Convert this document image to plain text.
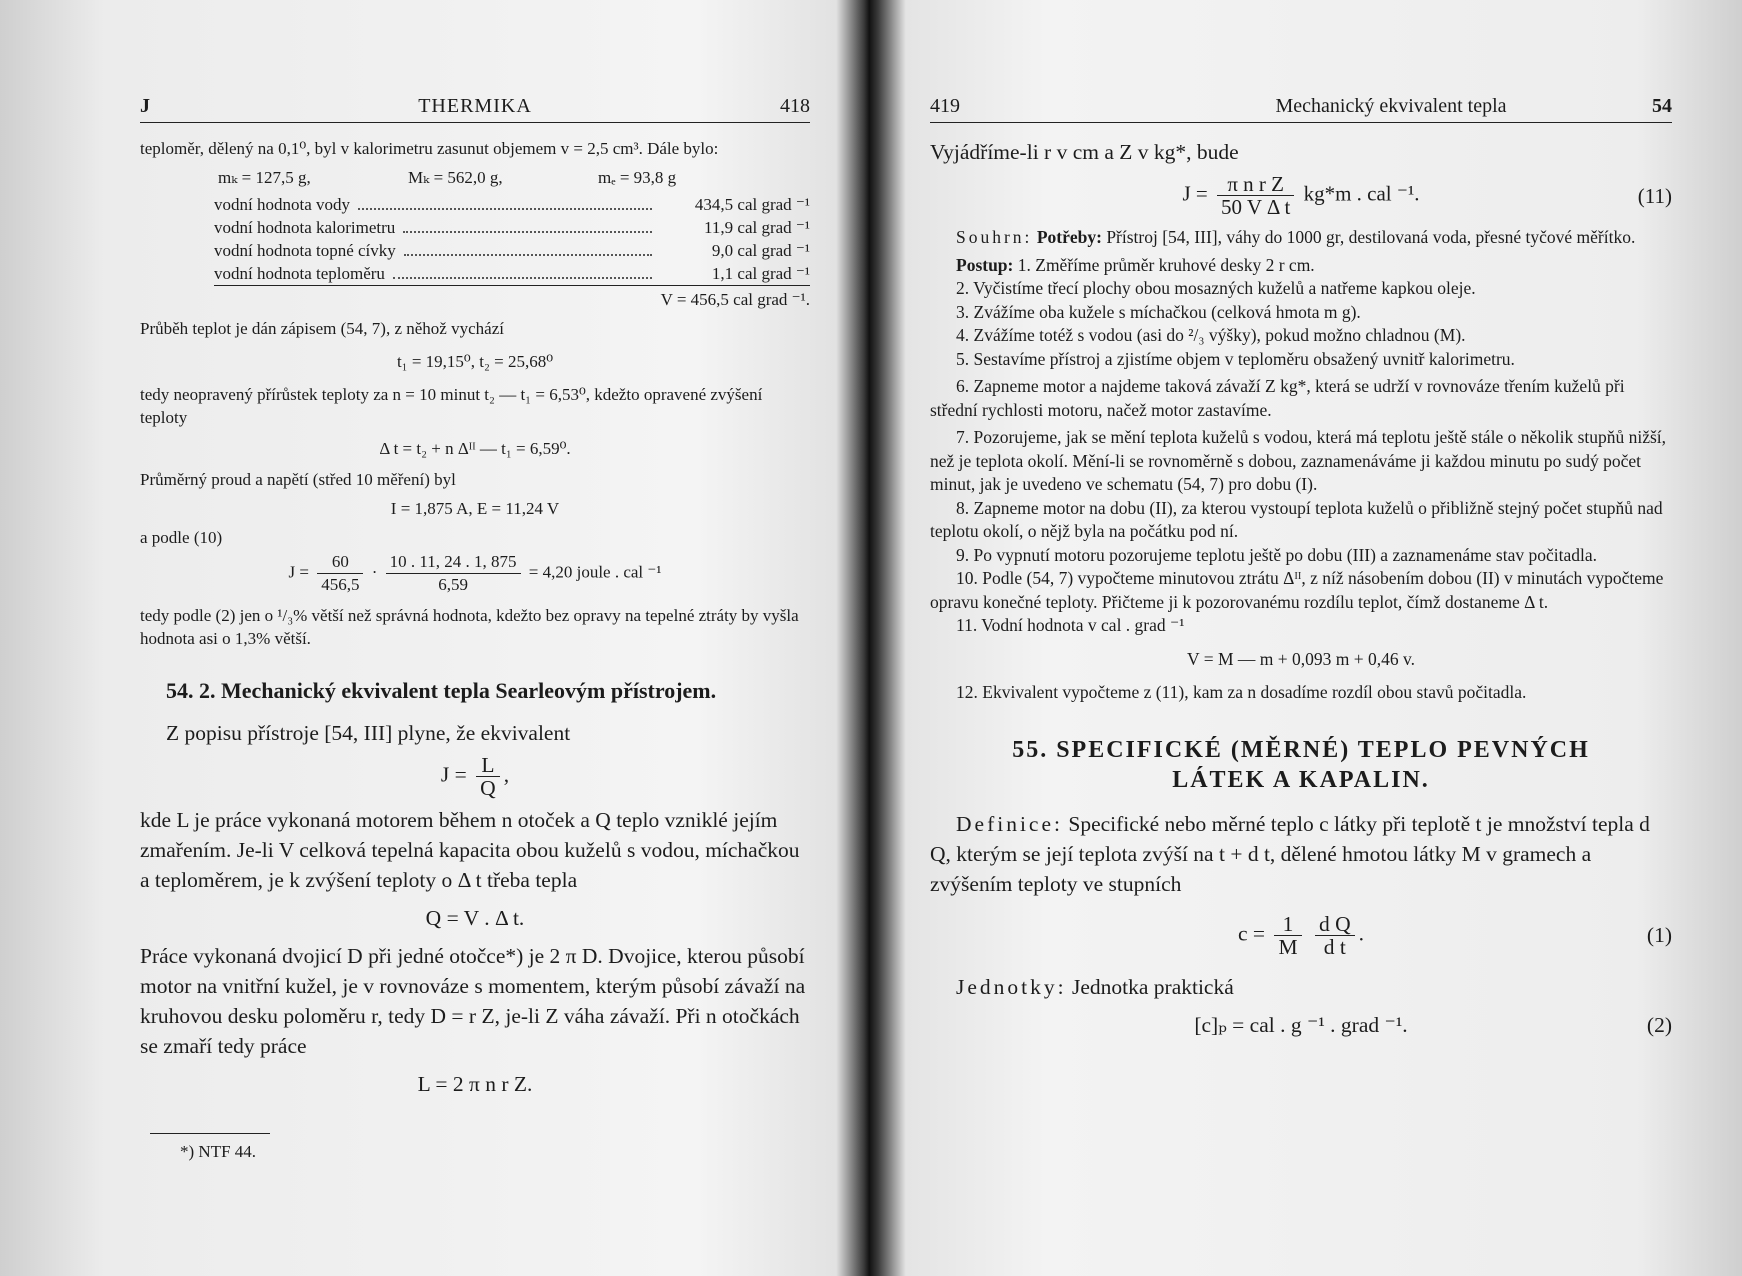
J	THERMIKA	418

teploměr, dělený na 0,1⁰, byl v kalorimetru zasunut objemem v = 2,5 cm³. Dále bylo:

mₖ = 127,5 g,	Mₖ = 562,0 g,	mₑ = 93,8 g
vodní hodnota vody	434,5 cal grad ⁻¹
vodní hodnota kalorimetru	11,9 cal grad ⁻¹
vodní hodnota topné cívky	9,0 cal grad ⁻¹
vodní hodnota teploměru	1,1 cal grad ⁻¹
V = 456,5 cal grad ⁻¹.

Průběh teplot je dán zápisem (54, 7), z něhož vychází

t₁ = 19,15⁰, t₂ = 25,68⁰

tedy neopravený přírůstek teploty za n = 10 minut t₂ — t₁ = 6,53⁰, kdežto opravené zvýšení teploty

Δ t = t₂ + n Δᴵᴵ — t₁ = 6,59⁰.

Průměrný proud a napětí (střed 10 měření) byl

I = 1,875 A, E = 11,24 V

a podle (10)

$J = \frac{60}{456,5} \cdot \frac{10 . 11, 24 . 1, 875}{6,59} = 4,20$ joule . cal ⁻¹

tedy podle (2) jen o ¹/₃% větší než správná hodnota, kdežto bez opravy na tepelné ztráty by vyšla hodnota asi o 1,3% větší.

54. 2. Mechanický ekvivalent tepla Searleovým přístrojem.

Z popisu přístroje [54, III] plyne, že ekvivalent

$J = \frac{L}{Q}$ ,

kde L je práce vykonaná motorem během n otoček a Q teplo vzniklé jejím zmařením. Je-li V celková tepelná kapacita obou kuželů s vodou, míchačkou a teploměrem, je k zvýšení teploty o Δ t třeba tepla

Q = V . Δ t.

Práce vykonaná dvojicí D při jedné otočce*) je 2 π D. Dvojice, kterou působí motor na vnitřní kužel, je v rovnováze s momentem, kterým působí závaží na kruhovou desku poloměru r, tedy D = r Z, je-li Z váha závaží. Při n otočkách se zmaří tedy práce

L = 2 π n r Z.

*) NTF 44.

419	Mechanický ekvivalent tepla	54

Vyjádříme-li r v cm a Z v kg*, bude

$J = \frac{\text{π n r Z}}{\text{50 V Δ t}} kg*m$ . cal ⁻¹.	(11)

Souhrn: Potřeby: Přístroj [54, III], váhy do 1000 gr, destilovaná voda, přesné tyčové měřítko.

Postup: 1. Změříme průměr kruhové desky 2 r cm.

2. Vyčistíme třecí plochy obou mosazných kuželů a natřeme kapkou oleje.

3. Zvážíme oba kužele s míchačkou (celková hmota m g).

4. Zvážíme totéž s vodou (asi do ²/₃ výšky), pokud možno chladnou (M).

5. Sestavíme přístroj a zjistíme objem v teploměru obsažený uvnitř kalorimetru.

6. Zapneme motor a najdeme taková závaží Z kg*, která se udrží v rovnováze třením kuželů při střední rychlosti motoru, načež motor zastavíme.

7. Pozorujeme, jak se mění teplota kuželů s vodou, která má teplotu ještě stále o několik stupňů nižší, než je teplota okolí. Mění-li se rovnoměrně s dobou, zaznamenáváme ji každou minutu po sudý počet minut, jak je uvedeno ve schematu (54, 7) pro dobu (I).

8. Zapneme motor na dobu (II), za kterou vystoupí teplota kuželů o přibližně stejný počet stupňů nad teplotu okolí, o nějž byla na počátku pod ní.

9. Po vypnutí motoru pozorujeme teplotu ještě po dobu (III) a zaznamenáme stav počitadla.

10. Podle (54, 7) vypočteme minutovou ztrátu Δᴵᴵ, z níž násobením dobou (II) v minutách vypočteme opravu konečné teploty. Přičteme ji k pozorovanému rozdílu teplot, čímž dostaneme Δ t.

11. Vodní hodnota v cal . grad ⁻¹

V = M — m + 0,093 m + 0,46 v.

12. Ekvivalent vypočteme z (11), kam za n dosadíme rozdíl obou stavů počitadla.

55. SPECIFICKÉ (MĚRNÉ) TEPLO PEVNÝCH
LÁTEK A KAPALIN.

Definice: Specifické nebo měrné teplo c látky při teplotě t je množství tepla d Q, kterým se její teplota zvýší na t + d t, dělené hmotou látky M v gramech a zvýšením teploty ve stupních

$c = \frac{1}{M}$
$\frac{\text{d Q}}{\text{d t}}$ .	(1)

Jednotky: Jednotka praktická

[c]ₚ = cal . g ⁻¹ . grad ⁻¹.	(2)
